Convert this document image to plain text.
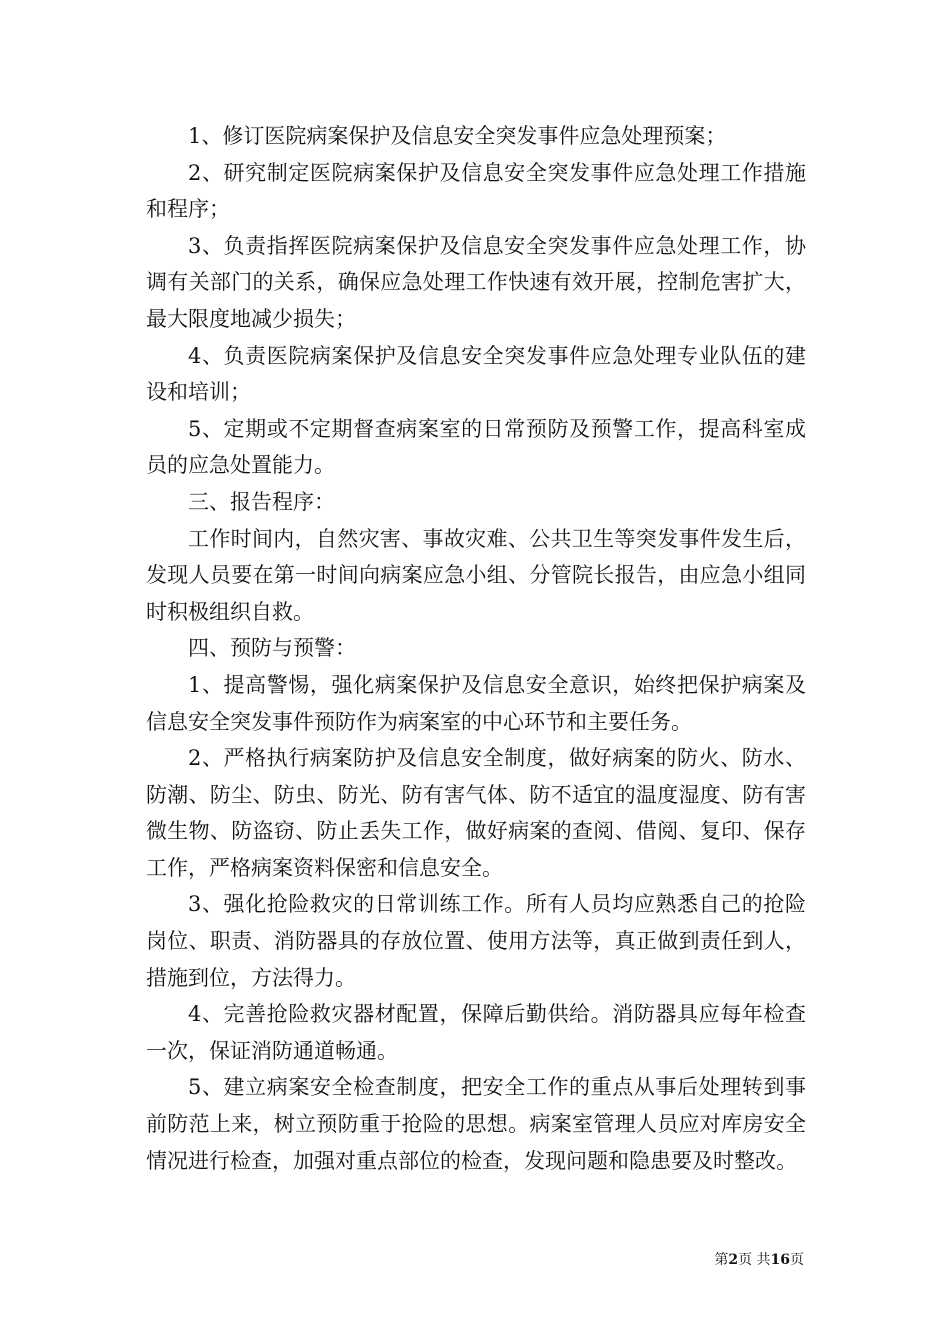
1、修订医院病案保护及信息安全突发事件应急处理预案；

2、研究制定医院病案保护及信息安全突发事件应急处理工作措施和程序；

3、负责指挥医院病案保护及信息安全突发事件应急处理工作，协调有关部门的关系，确保应急处理工作快速有效开展，控制危害扩大，最大限度地减少损失；

4、负责医院病案保护及信息安全突发事件应急处理专业队伍的建设和培训；

5、定期或不定期督查病案室的日常预防及预警工作，提高科室成员的应急处置能力。

三、报告程序：

工作时间内，自然灾害、事故灾难、公共卫生等突发事件发生后，发现人员要在第一时间向病案应急小组、分管院长报告，由应急小组同时积极组织自救。

四、预防与预警：

1、提高警惕，强化病案保护及信息安全意识，始终把保护病案及信息安全突发事件预防作为病案室的中心环节和主要任务。

2、严格执行病案防护及信息安全制度，做好病案的防火、防水、防潮、防尘、防虫、防光、防有害气体、防不适宜的温度湿度、防有害微生物、防盗窃、防止丢失工作，做好病案的查阅、借阅、复印、保存工作，严格病案资料保密和信息安全。

3、强化抢险救灾的日常训练工作。所有人员均应熟悉自己的抢险岗位、职责、消防器具的存放位置、使用方法等，真正做到责任到人，措施到位，方法得力。

4、完善抢险救灾器材配置，保障后勤供给。消防器具应每年检查一次，保证消防通道畅通。

5、建立病案安全检查制度，把安全工作的重点从事后处理转到事前防范上来，树立预防重于抢险的思想。病案室管理人员应对库房安全情况进行检查，加强对重点部位的检查，发现问题和隐患要及时整改。

第2页 共16页
